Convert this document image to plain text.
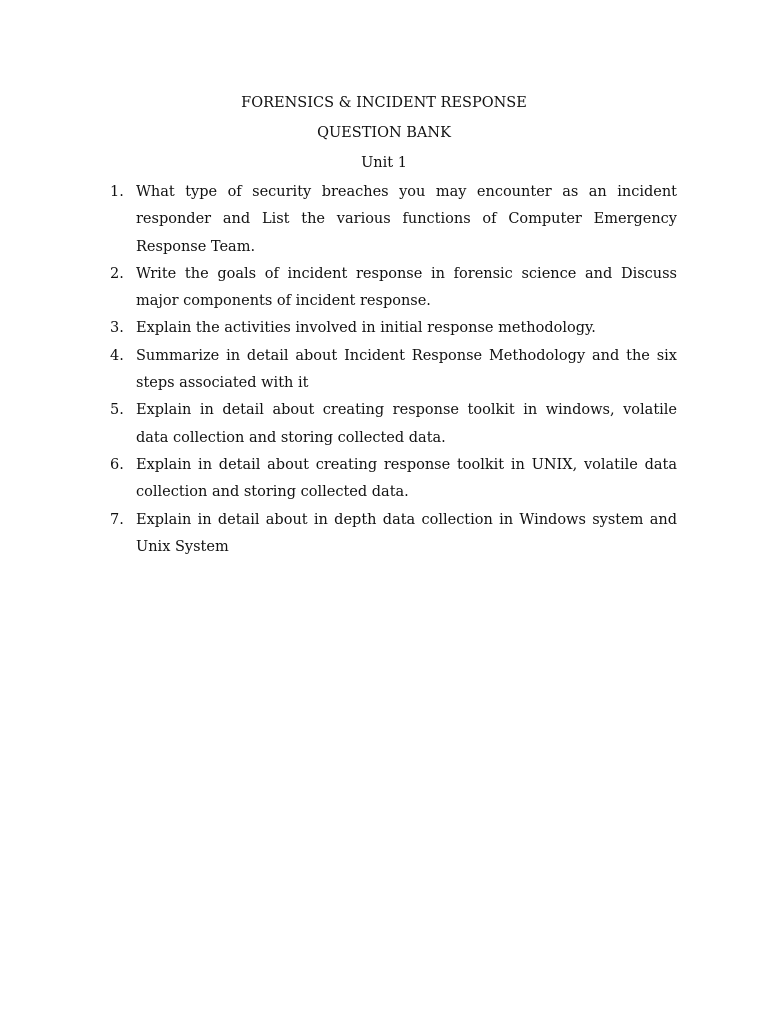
FORENSICS & INCIDENT RESPONSE
QUESTION BANK
Unit 1
1. What type of security breaches you may encounter as an incident responder and List the various functions of Computer Emergency Response Team.
2. Write the goals of incident response in forensic science and Discuss major components of incident response.
3. Explain the activities involved in initial response methodology.
4. Summarize in detail about Incident Response Methodology and the six steps associated with it
5. Explain in detail about creating response toolkit in windows, volatile data collection and storing collected data.
6. Explain in detail about creating response toolkit in UNIX, volatile data collection and storing collected data.
7. Explain in detail about in depth data collection in Windows system and Unix System
